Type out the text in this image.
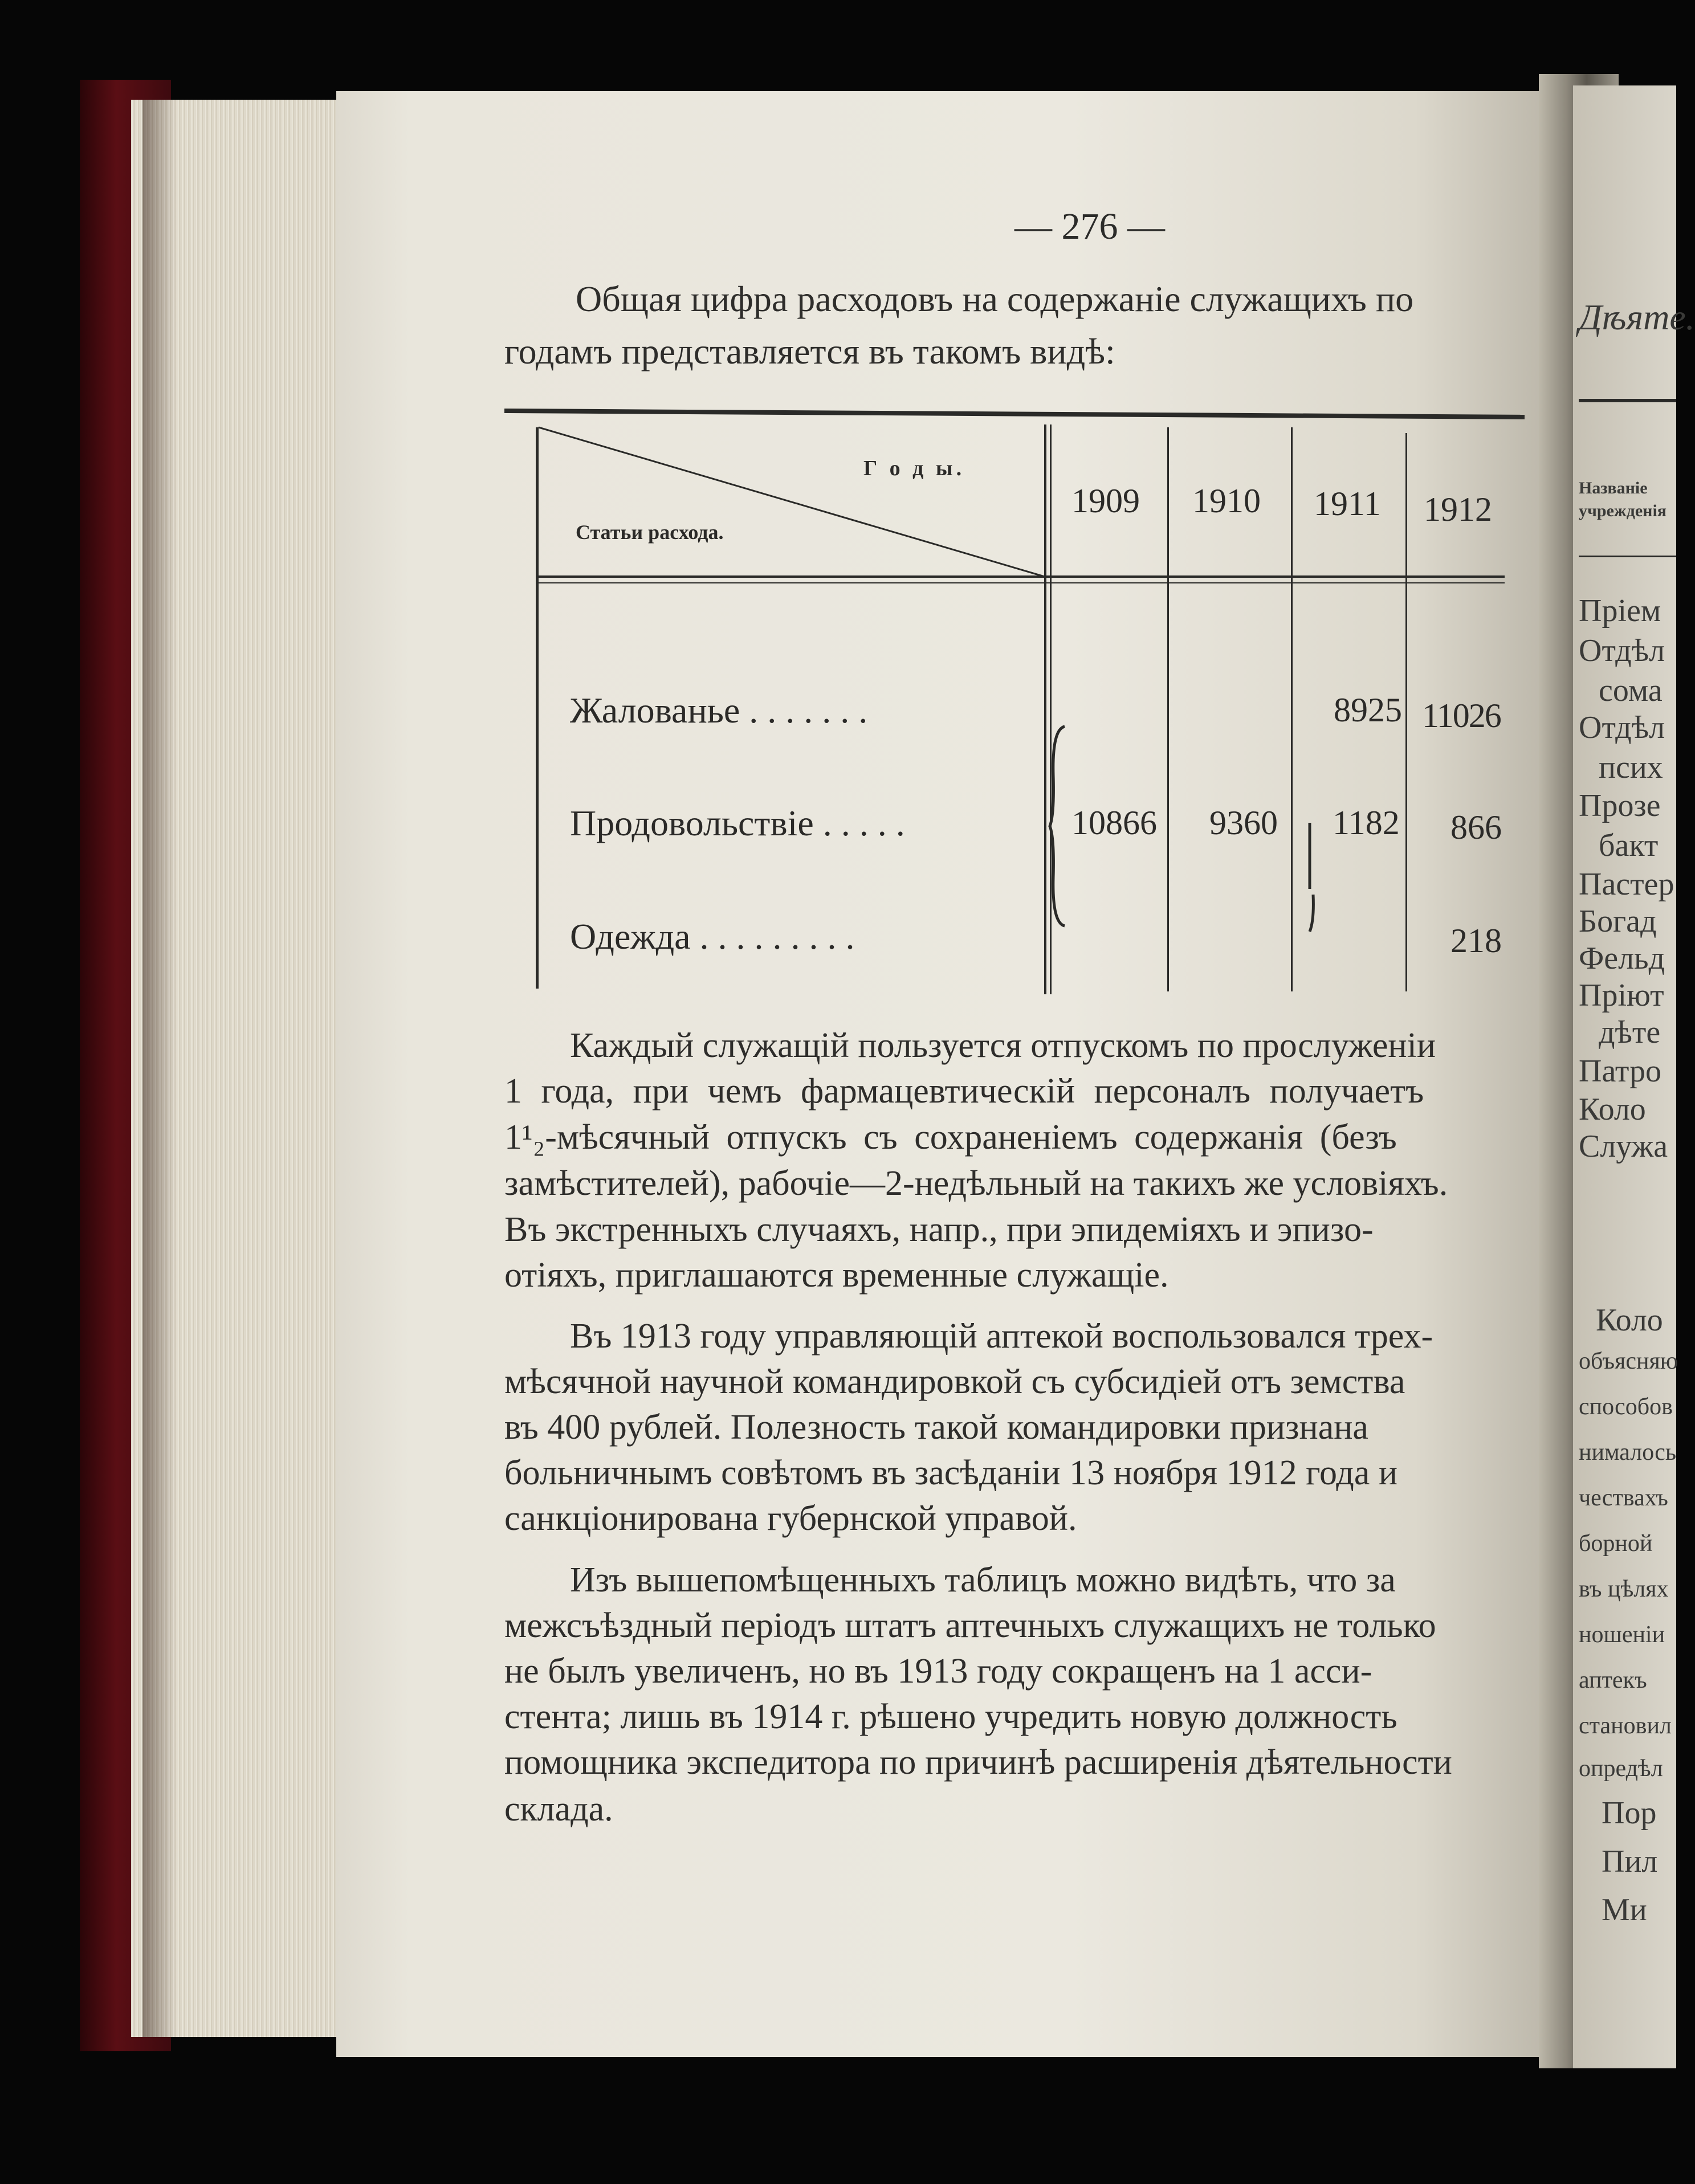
— 276 —
Общая цифра расходовъ на содержаніе служащихъ по
годамъ представляется въ такомъ видѣ:
Г о д ы.
Статьи расхода.
1909 1910 1911 1912
Жалованье . . . . . . .
Продовольствіе . . . . .
Одежда . . . . . . . . .
8925 11026
10866 9360 1182 866
218
Каждый служащій пользуется отпускомъ по прослуженіи
1 года, при чемъ фармацевтическій персоналъ получаетъ
1¹₂-мѣсячный отпускъ съ сохраненіемъ содержанія (безъ
замѣстителей), рабочіе—2-недѣльный на такихъ же условіяхъ.
Въ экстренныхъ случаяхъ, напр., при эпидеміяхъ и эпизо-
отіяхъ, приглашаются временные служащіе.
Въ 1913 году управляющій аптекой воспользовался трех-
мѣсячной научной командировкой съ субсидіей отъ земства
въ 400 рублей. Полезность такой командировки признана
больничнымъ совѣтомъ въ засѣданіи 13 ноября 1912 года и
санкціонирована губернской управой.
Изъ вышепомѣщенныхъ таблицъ можно видѣть, что за
межсъѣздный періодъ штатъ аптечныхъ служащихъ не только
не былъ увеличенъ, но въ 1913 году сокращенъ на 1 асси-
стента; лишь въ 1914 г. рѣшено учредить новую должность
помощника экспедитора по причинѣ расширенія дѣятельности
склада.
Дѣяте.
Названіе
учрежденія
Пріем
Отдѣл
сома
Отдѣл
псих
Прозе
бакт
Пастер
Богад
Фельд
Пріют
дѣте
Патро
Коло
Служа
Коло
объясняю
способов
нималось
чествахъ
борной
въ цѣлях
ношеніи
аптекъ
становил
опредѣл
Пор
Пил
Ми
